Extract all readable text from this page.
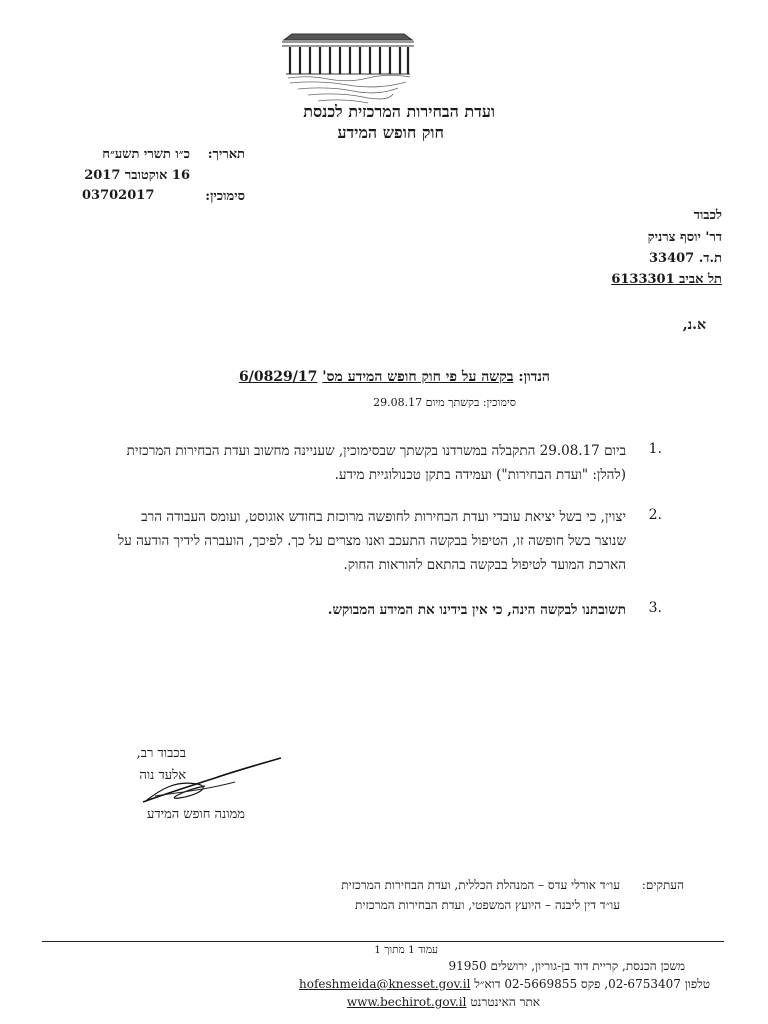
ועדת הבחירות המרכזית לכנסת
חוק חופש המידע
תאריך:
כ״ו תשרי תשע״ח
16 אוקטובר 2017
סימוכין:
03702017
לכבוד
דר' יוסף צרניק
ת.ד. 33407
תל אביב 6133301
א.נ,
הנדון: בקשה על פי חוק חופש המידע מס' 6/0829/17
סימוכין: בקשתך מיום 29.08.17
1.
ביום 29.08.17 התקבלה במשרדנו בקשתך שבסימוכין, שעניינה מחשוב ועדת הבחירות המרכזית
(להלן: "ועדת הבחירות") ועמידה בתקן טכנולוגיית מידע.
2.
יצוין, כי בשל יציאת עובדי ועדת הבחירות לחופשה מרוכזת בחודש אוגוסט, ועומס העבודה הרב
שנוצר בשל חופשה זו, הטיפול בבקשה התעכב ואנו מצרים על כך. לפיכך, הועברה לידיך הודעה על
הארכת המועד לטיפול בבקשה בהתאם להוראות החוק.
3.
תשובתנו לבקשה הינה, כי אין בידינו את המידע המבוקש.
בכבוד רב,
אלעד נוה
ממונה חופש המידע
העתקים:
עו״ד אורלי עדס – המנהלת הכללית, ועדת הבחירות המרכזית
עו״ד דין ליבנה – היועץ המשפטי, ועדת הבחירות המרכזית
עמוד 1 מתוך 1
משכן הכנסת, קריית דוד בן-גוריון, ירושלים 91950
טלפון 02-6753407, פקס 02-5669855 דוא״ל hofeshmeida@knesset.gov.il
אתר האינטרנט www.bechirot.gov.il
